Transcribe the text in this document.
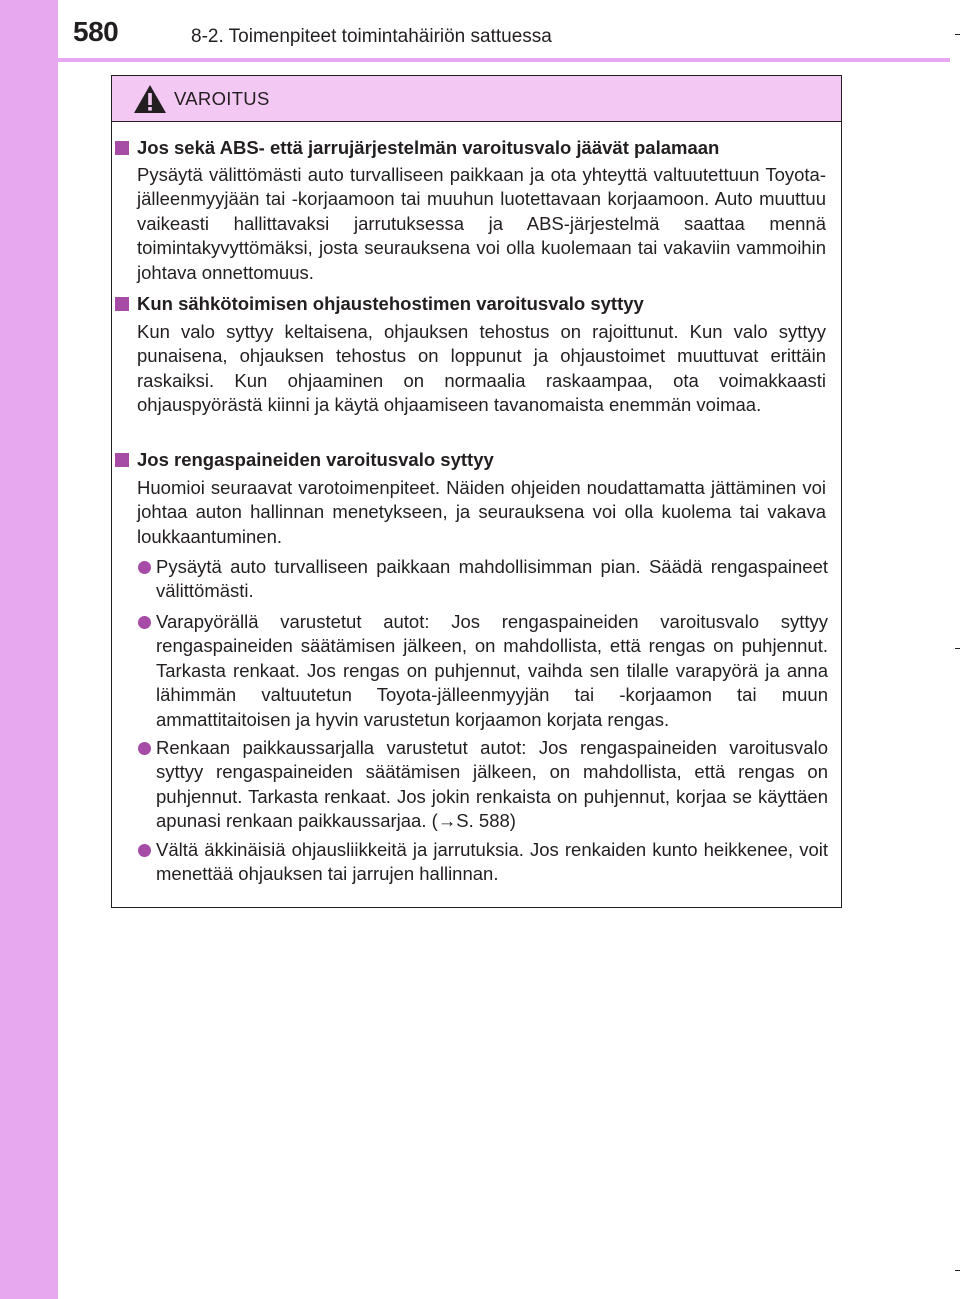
580	8-2. Toimenpiteet toimintahäiriön sattuessa
VAROITUS
Jos sekä ABS- että jarrujärjestelmän varoitusvalo jäävät palamaan
Pysäytä välittömästi auto turvalliseen paikkaan ja ota yhteyttä valtuutettuun Toyota-jälleenmyyjään tai -korjaamoon tai muuhun luotettavaan korjaamoon. Auto muuttuu vaikeasti hallittavaksi jarrutuksessa ja ABS-järjestelmä saattaa mennä toimintakyvyttömäksi, josta seurauksena voi olla kuolemaan tai vakaviin vammoihin johtava onnettomuus.
Kun sähkötoimisen ohjaustehostimen varoitusvalo syttyy
Kun valo syttyy keltaisena, ohjauksen tehostus on rajoittunut. Kun valo syttyy punaisena, ohjauksen tehostus on loppunut ja ohjaustoimet muuttuvat erittäin raskaiksi. Kun ohjaaminen on normaalia raskaampaa, ota voimakkaasti ohjauspyörästä kiinni ja käytä ohjaamiseen tavanomaista enemmän voimaa.
Jos rengaspaineiden varoitusvalo syttyy
Huomioi seuraavat varotoimenpiteet. Näiden ohjeiden noudattamatta jättäminen voi johtaa auton hallinnan menetykseen, ja seurauksena voi olla kuolema tai vakava loukkaantuminen.
Pysäytä auto turvalliseen paikkaan mahdollisimman pian. Säädä rengaspaineet välittömästi.
Varapyörällä varustetut autot: Jos rengaspaineiden varoitusvalo syttyy rengaspaineiden säätämisen jälkeen, on mahdollista, että rengas on puhjennut. Tarkasta renkaat. Jos rengas on puhjennut, vaihda sen tilalle varapyörä ja anna lähimmän valtuutetun Toyota-jälleenmyyjän tai -korjaamon tai muun ammattitaitoisen ja hyvin varustetun korjaamon korjata rengas.
Renkaan paikkaussarjalla varustetut autot: Jos rengaspaineiden varoitusvalo syttyy rengaspaineiden säätämisen jälkeen, on mahdollista, että rengas on puhjennut. Tarkasta renkaat. Jos jokin renkaista on puhjennut, korjaa se käyttäen apunasi renkaan paikkaussarjaa. (→S. 588)
Vältä äkkinäisiä ohjausliikkeitä ja jarrutuksia. Jos renkaiden kunto heikkenee, voit menettää ohjauksen tai jarrujen hallinnan.
